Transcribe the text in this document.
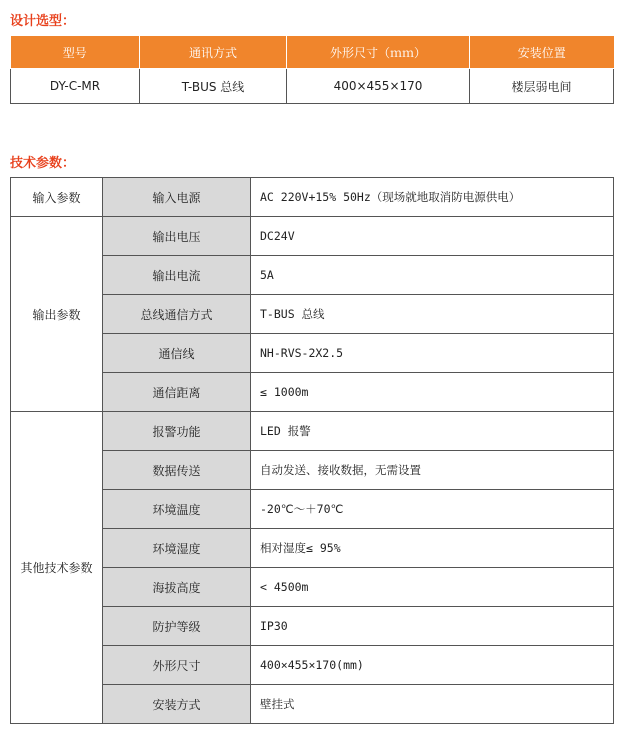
设计选型：
型号	通讯方式	外形尺寸（ｍｍ）	安装位置
DY-C-MR	T-BUS 总线	400×455×170	楼层弱电间
技术参数：
输入参数	输入电源	AC 220V+15% 50Hz（现场就地取消防电源供电）
输出参数	输出电压	DC24V
	输出电流	5A
	总线通信方式	T-BUS 总线
	通信线	NH-RVS-2X2.5
	通信距离	≤ 1000m
其他技术参数	报警功能	LED 报警
	数据传送	自动发送、接收数据，无需设置
	环境温度	-20℃～＋70℃
	环境湿度	相对湿度≤ 95%
	海拔高度	< 4500m
	防护等级	IP30
	外形尺寸	400×455×170(mm)
	安装方式	壁挂式
